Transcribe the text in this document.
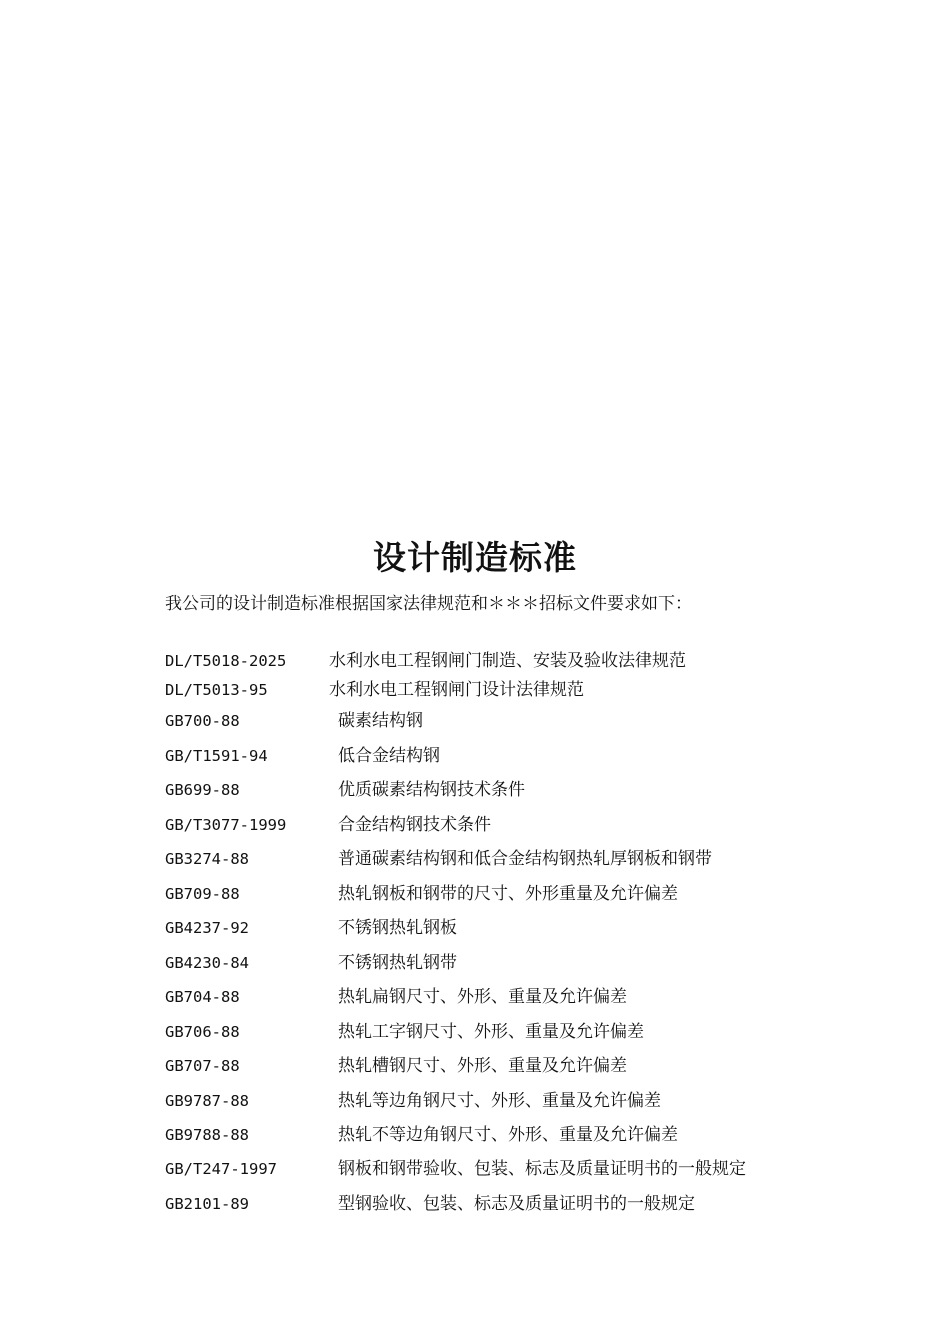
设计制造标准
我公司的设计制造标准根据国家法律规范和＊＊＊招标文件要求如下：
DL/T5018-2025	水利水电工程钢闸门制造、安装及验收法律规范
DL/T5013-95	水利水电工程钢闸门设计法律规范
GB700-88	碳素结构钢
GB/T1591-94	低合金结构钢
GB699-88	优质碳素结构钢技术条件
GB/T3077-1999	合金结构钢技术条件
GB3274-88	普通碳素结构钢和低合金结构钢热轧厚钢板和钢带
GB709-88	热轧钢板和钢带的尺寸、外形重量及允许偏差
GB4237-92	不锈钢热轧钢板
GB4230-84	不锈钢热轧钢带
GB704-88	热轧扁钢尺寸、外形、重量及允许偏差
GB706-88	热轧工字钢尺寸、外形、重量及允许偏差
GB707-88	热轧槽钢尺寸、外形、重量及允许偏差
GB9787-88	热轧等边角钢尺寸、外形、重量及允许偏差
GB9788-88	热轧不等边角钢尺寸、外形、重量及允许偏差
GB/T247-1997	钢板和钢带验收、包装、标志及质量证明书的一般规定
GB2101-89	型钢验收、包装、标志及质量证明书的一般规定
